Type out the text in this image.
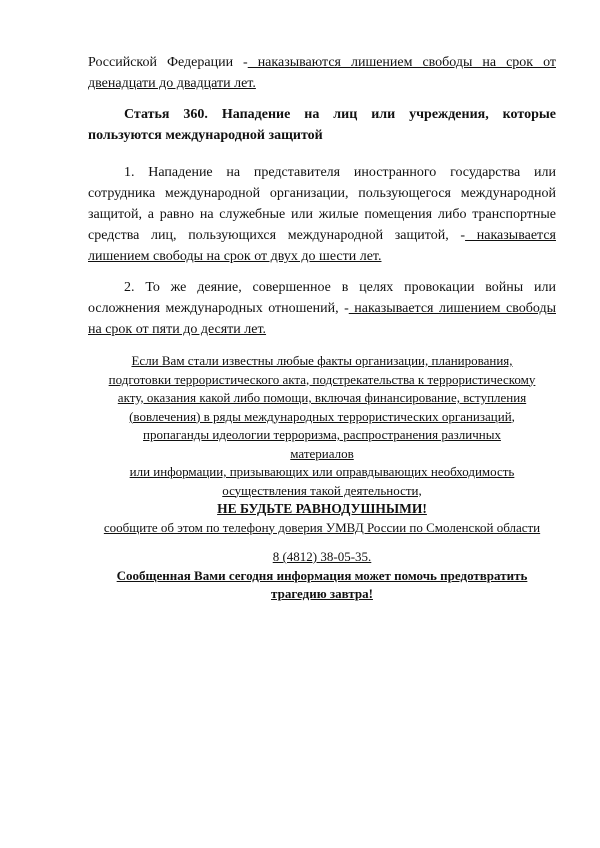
Российской Федерации - наказываются лишением свободы на срок от двенадцати до двадцати лет.

Статья 360. Нападение на лиц или учреждения, которые пользуются международной защитой

1. Нападение на представителя иностранного государства или сотрудника международной организации, пользующегося международной защитой, а равно на служебные или жилые помещения либо транспортные средства лиц, пользующихся международной защитой, - наказывается лишением свободы на срок от двух до шести лет.

2. То же деяние, совершенное в целях провокации войны или осложнения международных отношений, - наказывается лишением свободы на срок от пяти до десяти лет.

Если Вам стали известны любые факты организации, планирования,
подготовки террористического акта, подстрекательства к террористическому
акту, оказания какой либо помощи, включая финансирование, вступления
(вовлечения) в ряды международных террористических организаций,
пропаганды идеологии терроризма, распространения различных
материалов
или информации, призывающих или оправдывающих необходимость
осуществления такой деятельности,
НЕ БУДЬТЕ РАВНОДУШНЫМИ!
сообщите об этом по телефону доверия УМВД России по Смоленской области
8 (4812) 38-05-35.
Сообщенная Вами сегодня информация может помочь предотвратить
трагедию завтра!
